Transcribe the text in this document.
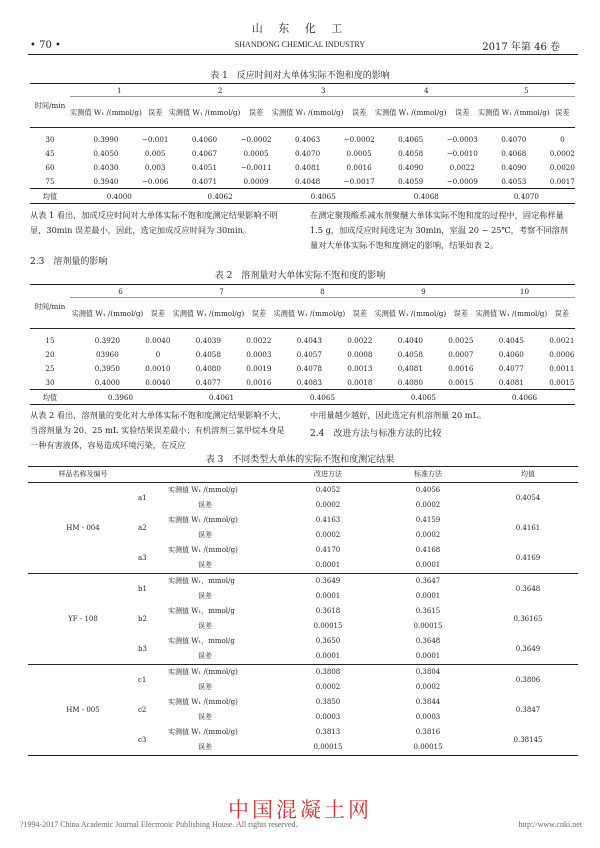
山 东 化 工
• 70 •	SHANDONG CHEMICAL INDUSTRY	2017 年第 46 卷
表 1　反应时间对大单体实际不饱和度的影响
时间/min	1		2		3		4		5	
	实测值 W₁ /(mmol/g)	误差	实测值 W₁ /(mmol/g)	误差	实测值 W₁ /(mmol/g)	误差	实测值 W₁ /(mmol/g)	误差	实测值 W₁ /(mmol/g)	误差
30	0.3990	−0.001	0.4060	−0.0002	0.4063	−0.0002	0.4065	−0.0003	0.4070	0
45	0.4050	0.005	0.4067	0.0005	0.4070	0.0005	0.4058	−0.0010	0.4068	0.0002
60	0.4030	0.003	0.4051	−0.0011	0.4081	0.0016	0.4090	0.0022	0.4090	0.0020
75	0.3940	−0.006	0.4071	0.0009	0.4048	−0.0017	0.4059	−0.0009	0.4053	0.0017
均值	0.4000		0.4062		0.4065		0.4068		0.4070	
从表 1 看出，加成反应时间对大单体实际不饱和度测定结果影响不明显，30min 误差最小，因此，选定加成反应时间为 30min。
在测定聚羧酸系减水剂聚醚大单体实际不饱和度的过程中，固定称样量 1.5 g，加成反应时间选定为 30min，室温 20 ~ 25℃，考察不同溶剂量对大单体实际不饱和度测定的影响，结果如表 2。
2.3　溶剂量的影响
表 2　溶剂量对大单体实际不饱和度的影响
时间/min	6		7		8		9		10	
	实测值 W₁ /(mmol/g)	误差	实测值 W₁ /(mmol/g)	误差	实测值 W₁ /(mmol/g)	误差	实测值 W₁ /(mmol/g)	误差	实测值 W₁ /(mmol/g)	误差
15	0.3920	0.0040	0.4039	0.0022	0.4043	0.0022	0.4040	0.0025	0.4045	0.0021
20	03960	0	0.4058	0.0003	0.4057	0.0008	0.4058	0.0007	0.4060	0.0006
25	0.3950	0.0010	0.4080	0.0019	0.4078	0.0013	0.4081	0.0016	0.4077	0.0011
30	0.4000	0.0040	0.4077	0.0016	0.4083	0.0018	0.4080	0.0015	0.4081	0.0015
均值	0.3960		0.4061		0.4065		0.4065		0.4066	
从表 2 看出，溶剂量的变化对大单体实际不饱和度测定结果影响不大，当溶剂量为 20、25 mL 实验结果误差最小；有机溶剂三氯甲烷本身是一种有害液体，容易造成环境污染，在反应
中用量越少越好，因此选定有机溶剂量 20 mL。
2.4　改进方法与标准方法的比较
表 3　不同类型大单体的实际不饱和度测定结果
样品名称及编号			改进方法	标准方法	均值
HM - 004	a1	实测值 W₁ /(mmol/g)	0.4052	0.4056	0.4054
		误差	0.0002	0.0002	
	a2	实测值 W₁ /(mmol/g)	0.4163	0.4159	0.4161
		误差	0.0002	0.0002	
	a3	实测值 W₁ /(mmol/g)	0.4170	0.4168	0.4169
		误差	0.0001	0.0001	
YF - 108	b1	实测值 W₁，mmol/g	0.3649	0.3647	0.3648
		误差	0.0001	0.0001	
	b2	实测值 W₁，mmol/g	0.3618	0.3615	0.36165
		误差	0.00015	0.00015	
	b3	实测值 W₁，mmol/g	0.3650	0.3648	0.3649
		误差	0.0001	0.0001	
HM - 005	c1	实测值 W₁ /(mmol/g)	0.3808	0.3804	0.3806
		误差	0.0002	0.0002	
	c2	实测值 W₁ /(mmol/g)	0.3850	0.3844	0.3847
		误差	0.0003	0.0003	
	c3	实测值 W₁ /(mmol/g)	0.3813	0.3816	0.38145
		误差	0.00015	0.00015	
中国混凝土网
?1994-2017 China Academic Journal Electronic Publishing House. All rights reserved.	http://www.cnki.net
